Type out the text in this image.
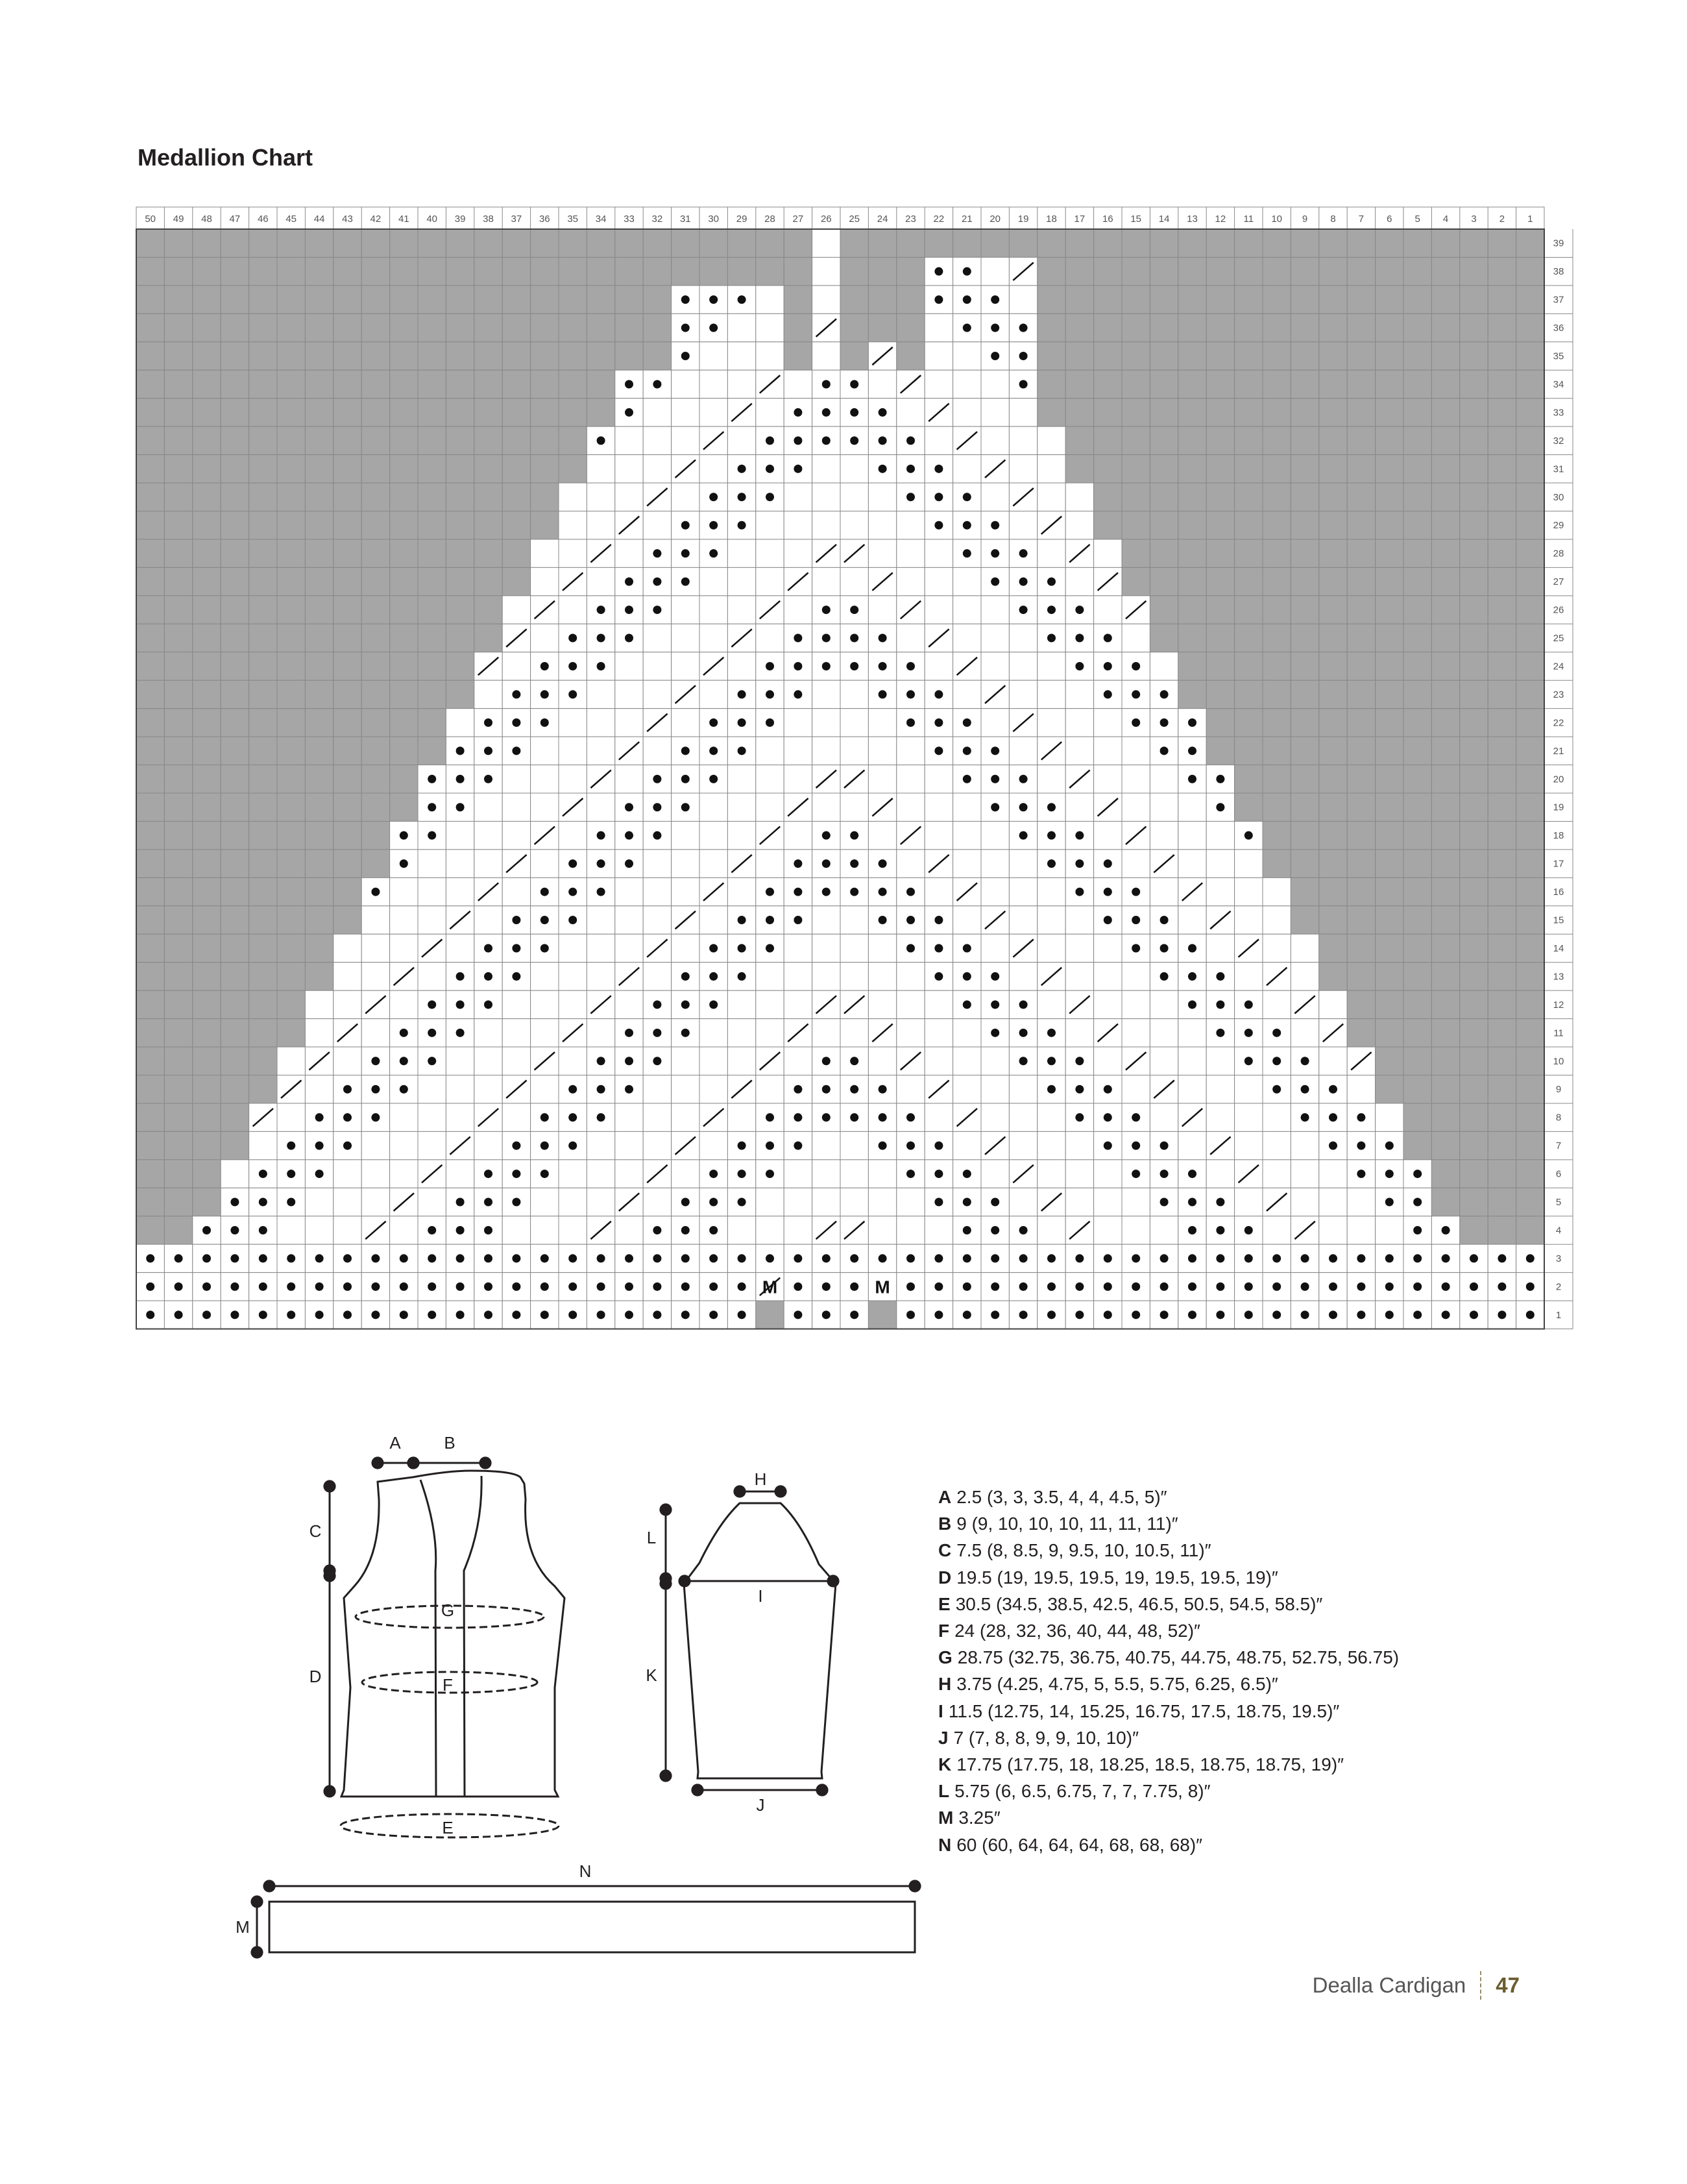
Medallion Chart
50 49 48 47 46 45 44 43 42 41 40 39 38 37 36 35 34 33 32 31 30 29 28 27 26 25 24 23 22 21 20 19 18 17 16 15 14 13 12 11 10 9 8 7 6 5 4 3 2 1
39
38
37
36
35
34
33
32
31
30
29
28
27
26
25
24
23
22
21
20
19
18
17
16
15
14
13
12
11
10
9
8
7
6
5
4
3
2
1
M	M
A	B
C
D
G
F
E
H
I
J
L
K
N
M
A 2.5 (3, 3, 3.5, 4, 4, 4.5, 5)″
B 9 (9, 10, 10, 10, 11, 11, 11)″
C 7.5 (8, 8.5, 9, 9.5, 10, 10.5, 11)″
D 19.5 (19, 19.5, 19.5, 19, 19.5, 19.5, 19)″
E 30.5 (34.5, 38.5, 42.5, 46.5, 50.5, 54.5, 58.5)″
F 24 (28, 32, 36, 40, 44, 48, 52)″
G 28.75 (32.75, 36.75, 40.75, 44.75, 48.75, 52.75, 56.75)
H 3.75 (4.25, 4.75, 5, 5.5, 5.75, 6.25, 6.5)″
I 11.5 (12.75, 14, 15.25, 16.75, 17.5, 18.75, 19.5)″
J 7 (7, 8, 8, 9, 9, 10, 10)″
K 17.75 (17.75, 18, 18.25, 18.5, 18.75, 18.75, 19)″
L 5.75 (6, 6.5, 6.75, 7, 7, 7.75, 8)″
M 3.25″
N 60 (60, 64, 64, 64, 68, 68, 68)″
Dealla Cardigan 47
